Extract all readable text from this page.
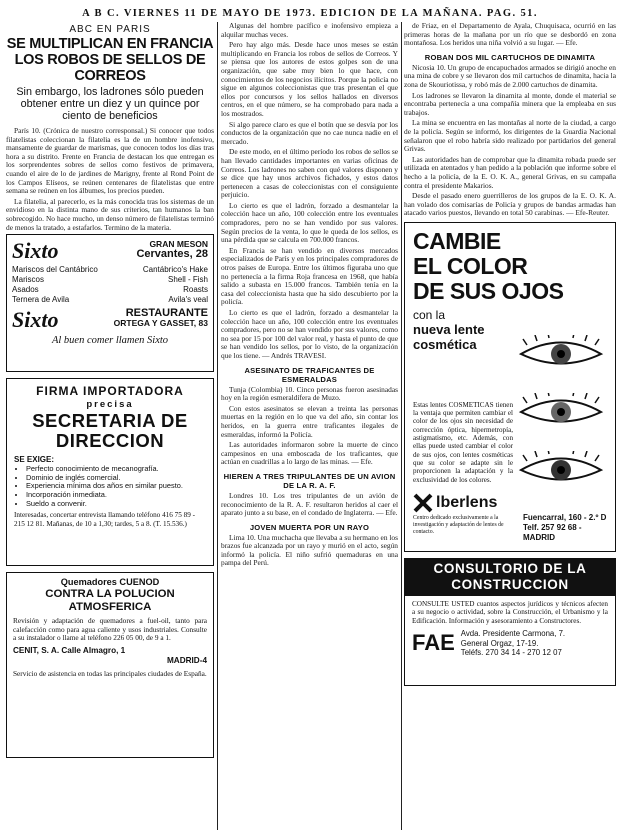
A B C. VIERNES 11 DE MAYO DE 1973. EDICION DE LA MAÑANA. PAG. 51.
ABC EN PARIS
SE MULTIPLICAN EN FRANCIA LOS ROBOS DE SELLOS DE CORREOS
Sin embargo, los ladrones sólo pueden obtener entre un diez y un quince por ciento de beneficios

París 10. (Crónica de nuestro corresponsal.) Si conocer que todos filatelistas coleccionan la filatelia es la de un hombre inofensivo, mansamente de guardar de marismas, que conocen todos los días tras hora a su distrito. Frente en Francia de destacan los que entregan es los sorprendentes sobres de sellos como festivos de primavera, cuando el aire de lo de jardines de Marigny, frente al Rond Point de los Campos Elíseos, se reúnen centenares de filatelistas que entre semana se reúnen en los álbumes, los precios pueden.

La filatelia, al parecerlo, es la más conocida tras los sistemas de un envidioso en la distinta mano de sus criterios, tan humanos la ban sobrecogido. No hace mucho, un denso número de filatelistas terminó de menos la tratado, a estafarlos. Termino de la materia.

Sixto	GRAN MESON
Cervantes, 28
Mariscos del Cantábrico
Mariscos
Asados
Ternera de Avila
Cantábrico's Hake
Shell - Fish
Roasts
Avila's veal
Sixto	RESTAURANTE
ORTEGA Y GASSET, 83
Al buen comer llamen Sixto
FIRMA IMPORTADORA
precisa
SECRETARIA DE DIRECCION
SE EXIGE:
• Perfecto conocimiento de mecanografía.
• Dominio de inglés comercial.
• Experiencia mínima dos años en similar puesto.
• Incorporación inmediata.
• Sueldo a convenir.
Interesadas, concertar entrevista llamando teléfono 416 75 89 - 215 12 81. Mañanas, de 10 a 1,30; tardes, 5 a 8. (T. 15.536.)
Quemadores CUENOD
CONTRA LA POLUCION ATMOSFERICA
Revisión y adaptación de quemadores a fuel-oil, tanto para calefacción como para agua caliente y usos industriales. Consulte a su instalador o llame al teléfono 226 05 00, de 9 a 1.
CENIT, S. A. Calle Almagro, 1
MADRID-4
Servicio de asistencia en todas las principales ciudades de España.

Algunas del hombre pacífico e inofensivo empieza a alquilar muchas veces.

Pero hay algo más. Desde hace unos meses se están multiplicando en Francia los robos de sellos de Correos. Y se piensa que los autores de estos golpes son de una organización, que sabe muy bien lo que hace, con conocimientos de los negocios ilícitos. Porque la policía no sigue en algunos coleccionistas que tras presentan el que ellos por concursos y los sellos hallados en diversos centros, en el que número, se ha comprobado para nada a los mostrados.

Si algo parece claro es que el botín que se desvía por los conductos de la organización que no cae nunca nadie en el mercado.

De este modo, en el último período los robos de sellos se han llevado cantidades importantes en varias oficinas de Correos. Los ladrones no saben con qué valores disponen y se dice que hay unos archivos fichados, y estos datos pertenecen a casas de coleccionistas con el consiguiente perjuicio.

Lo cierto es que el ladrón, forzado a desmantelar la colección hace un año, 100 colección entre los eventuales compradores, pero no se han vendido por sus valores. Según precios de la venta, lo que le queda de los sellos, es una pérdida que se calcula en 700.000 francos.

En Francia se han vendido en diversos mercados especializados de París y en los principales compradores de otros países de Europa. Entre los últimos figuraba uno que no pertenecía a la firma Roja francesa en 1968, que había salido a subasta en 15.000 francos. También tenía en la casa del coleccionista hasta que ha sido descubierto por la policía.

Lo cierto es que el ladrón, forzado a desmantelar la colección hace un año, 100 colección entre los eventuales compradores, pero no se han vendido por sus valores, como no sea por 15 por 100 del valor real, y hasta el punto de que se han vendido los sellos, por lo visto, de la organización que los tiene. — Andrés TRAVESI.

ASESINATO DE TRAFICANTES DE ESMERALDAS

Tunja (Colombia) 10. Cinco personas fueron asesinadas hoy en la región esmeraldífera de Muzo.

Con estos asesinatos se elevan a treinta las personas muertas en la región en lo que va del año, sin contar los heridos, en la guerra entre traficantes ilegales de esmeraldas, informó la Policía.

Las autoridades informaron sobre la muerte de cinco campesinos en una emboscada de los traficantes, que actúan en cuadrillas a lo largo de las minas. — Efe.

HIEREN A TRES TRIPULANTES DE UN AVION DE LA R. A. F.

Londres 10. Los tres tripulantes de un avión de reconocimiento de la R. A. F. resultaron heridos al caer el aparato junto a su base, en el condado de Inglaterra. — Efe.

JOVEN MUERTA POR UN RAYO

Lima 10. Una muchacha que llevaba a su hermano en los brazos fue alcanzada por un rayo y murió en el acto, según informó la policía. El niño sufrió quemaduras en una pampa del Perú.

de Friaz, en el Departamento de Ayala, Chuquisaca, ocurrió en las primeras horas de la mañana por un río que se desbordó en zona montañosa. Los heridos una niña volvió a su lugar. — Efe.

ROBAN DOS MIL CARTUCHOS DE DINAMITA

Nicosia 10. Un grupo de encapuchados armados se dirigió anoche en una mina de cobre y se llevaron dos mil cartuchos de dinamita, hacia la zona de Skouriotissa, y robó más de 2.000 cartuchos de dinamita.

Los ladrones se llevaron la dinamita al monte, donde el material se encontraba pertenecía a una compañía minera que la empleaba en sus trabajos.

La mina se encuentra en las montañas al norte de la ciudad, a cargo de la policía. Según se informó, los dirigentes de la Guardia Nacional señalaron que el robo habría sido realizado por partidarios del general Grivas.

Las autoridades han de comprobar que la dinamita robada puede ser utilizada en atentados y han pedido a la población que informe sobre el hecho a la policía, de la E. O. K. A., general Grivas, en su campaña contra el presidente Makarios.

Desde el pasado enero guerrilleros de los grupos de la E. O. K. A. han volado dos comisarías de Policía y grupos de bandas armadas han atacado varios puestos, llevando en total 50 carabinas. — Efe-Reuter.

CAMBIE
EL COLOR
DE SUS OJOS
con la
nueva lente
cosmética
Estas lentes COSMETICAS tienen la ventaja que permiten cambiar el color de los ojos sin necesidad de corrección óptica, hipermetropía, astigmatismo, etc. Además, con ellas puede usted cambiar el color de sus ojos, con lentes cosméticas que su color se adapte sin le proporcionen la adaptación y la exclusividad de los colores.
lberlens
Centro dedicado exclusivamente a la investigación y adaptación de lentes de contacto.
Fuencarral, 160 - 2.º D
Telf. 257 92 68 - MADRID
CONSULTORIO DE LA CONSTRUCCION
CONSULTE USTED cuantos aspectos jurídicos y técnicos afecten a su negocio o actividad, sobre la Construcción, el Urbanismo y la Edificación. Información y asesoramiento a Constructores.
FAE Avda. Presidente Carmona, 7.
General Orgaz, 17-19.
Teléfs. 270 34 14 - 270 12 07
